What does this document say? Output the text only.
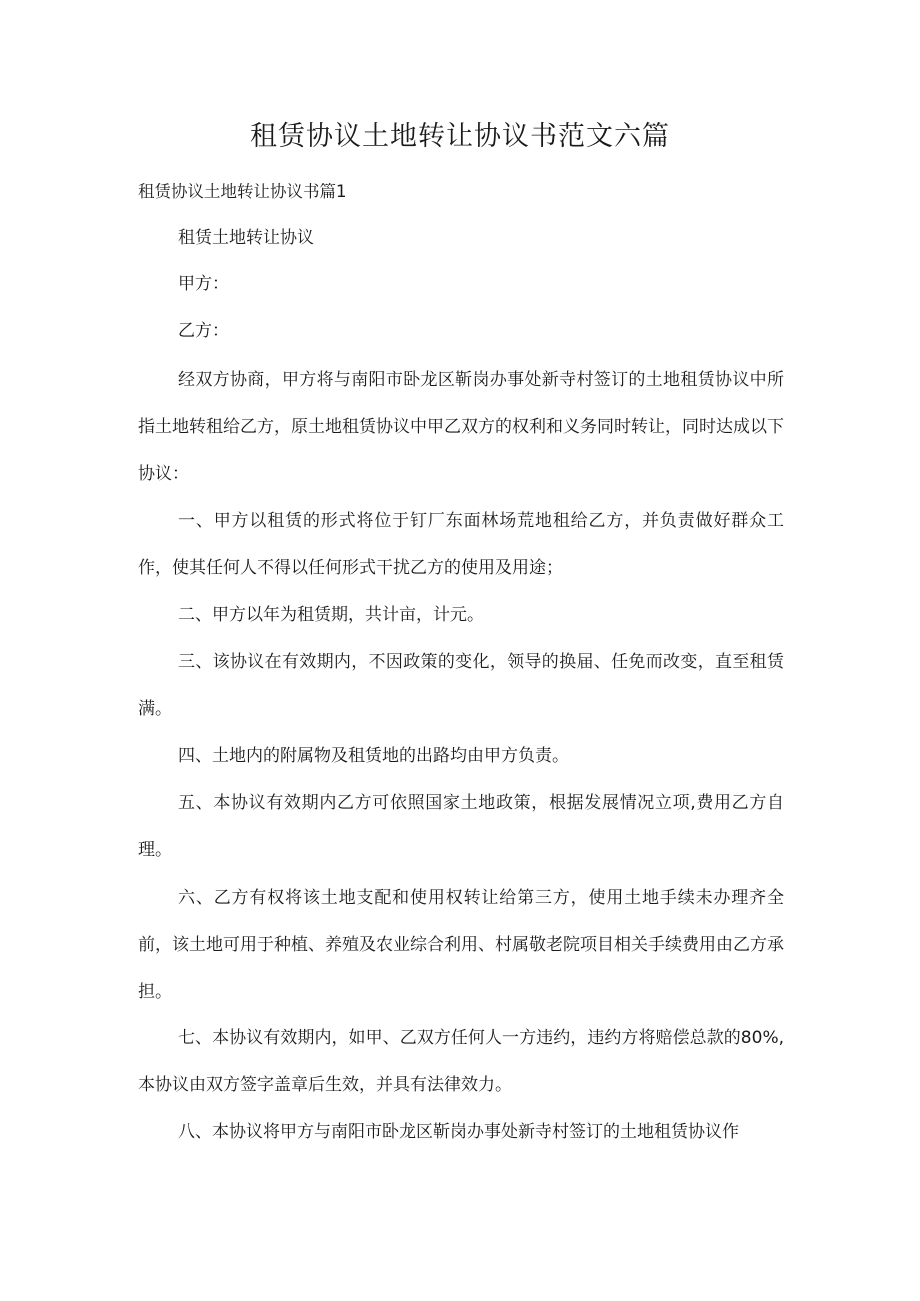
租赁协议土地转让协议书范文六篇
租赁协议土地转让协议书篇1

租赁土地转让协议

甲方：

乙方：

经双方协商，甲方将与南阳市卧龙区靳岗办事处新寺村签订的土地租赁协议中所指土地转租给乙方，原土地租赁协议中甲乙双方的权利和义务同时转让，同时达成以下协议：

一、甲方以租赁的形式将位于钉厂东面林场荒地租给乙方，并负责做好群众工作，使其任何人不得以任何形式干扰乙方的使用及用途；

二、甲方以年为租赁期，共计亩，计元。

三、该协议在有效期内，不因政策的变化，领导的换届、任免而改变，直至租赁满。

四、土地内的附属物及租赁地的出路均由甲方负责。

五、本协议有效期内乙方可依照国家土地政策，根据发展情况立项,费用乙方自理。

六、乙方有权将该土地支配和使用权转让给第三方，使用土地手续未办理齐全前，该土地可用于种植、养殖及农业综合利用、村属敬老院项目相关手续费用由乙方承担。

七、本协议有效期内，如甲、乙双方任何人一方违约，违约方将赔偿总款的80%,本协议由双方签字盖章后生效，并具有法律效力。

八、本协议将甲方与南阳市卧龙区靳岗办事处新寺村签订的土地租赁协议作
